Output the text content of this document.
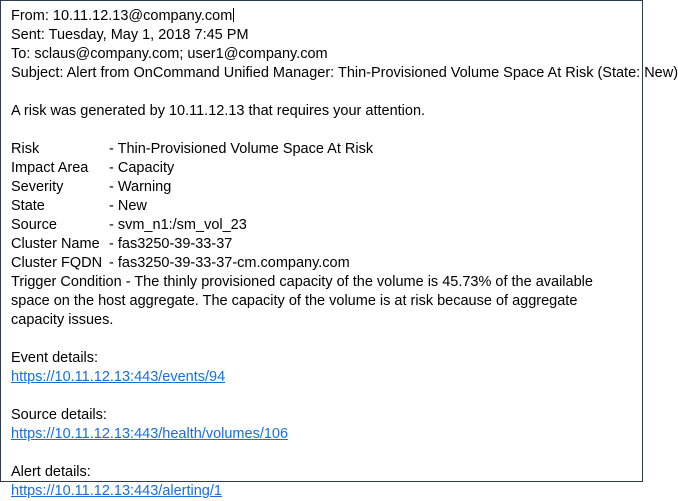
From: 10.11.12.13@company.com
Sent: Tuesday, May 1, 2018 7:45 PM
To: sclaus@company.com; user1@company.com
Subject: Alert from OnCommand Unified Manager: Thin-Provisioned Volume Space At Risk (State: New)
A risk was generated by 10.11.12.13 that requires your attention.
Risk	- Thin-Provisioned Volume Space At Risk
Impact Area - Capacity
Severity	- Warning
State	- New
Source	- svm_n1:/sm_vol_23
Cluster Name - fas3250-39-33-37
Cluster FQDN - fas3250-39-33-37-cm.company.com
Trigger Condition - The thinly provisioned capacity of the volume is 45.73% of the available space on the host aggregate. The capacity of the volume is at risk because of aggregate capacity issues.
Event details:
https://10.11.12.13:443/events/94
Source details:
https://10.11.12.13:443/health/volumes/106
Alert details:
https://10.11.12.13:443/alerting/1
